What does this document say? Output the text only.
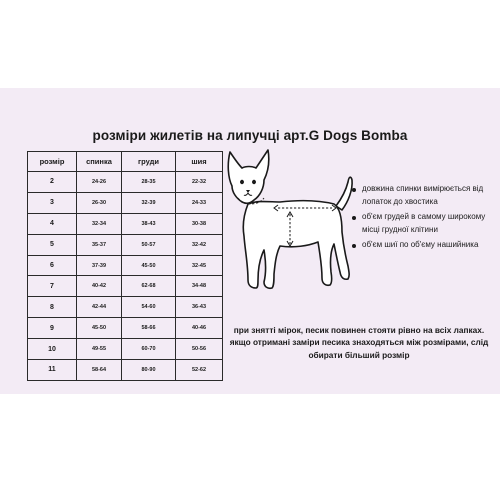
розміри жилетів на липучці арт.G Dogs Bomba
розмір	спинка	груди	шия
2	24-26	28-35	22-32
3	26-30	32-39	24-33
4	32-34	38-43	30-38
5	35-37	50-57	32-42
6	37-39	45-50	32-45
7	40-42	62-68	34-48
8	42-44	54-60	36-43
9	45-50	58-66	40-46
10	49-55	60-70	50-56
11	58-64	80-90	52-62
довжина спинки вимірюється від лопаток до хвостика
об'єм грудей в самому широкому місці грудної клітини
об'єм шиї по об'єму нашийника
при знятті мірок, песик повинен стояти рівно на всіх лапках. якщо отримані заміри песика знаходяться між розмірами, слід обирати більший розмір
